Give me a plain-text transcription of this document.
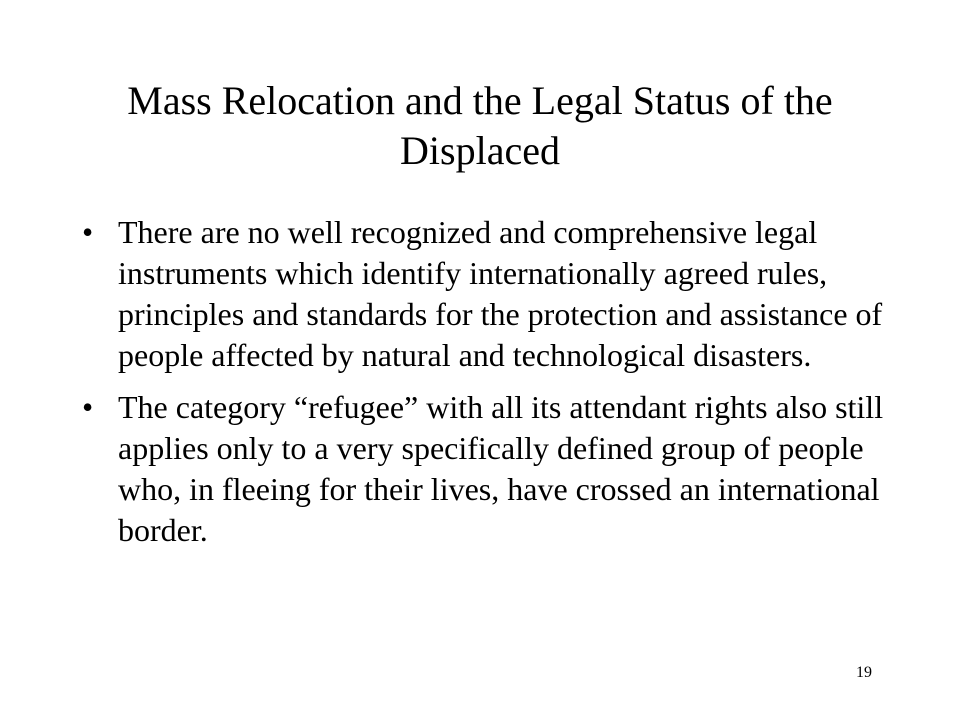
Mass Relocation and the Legal Status of the Displaced
• There are no well recognized and comprehensive legal instruments which identify internationally agreed rules, principles and standards for the protection and assistance of people affected by natural and technological disasters.
• The category “refugee” with all its attendant rights also still applies only to a very specifically defined group of people who, in fleeing for their lives, have crossed an international border.
19
